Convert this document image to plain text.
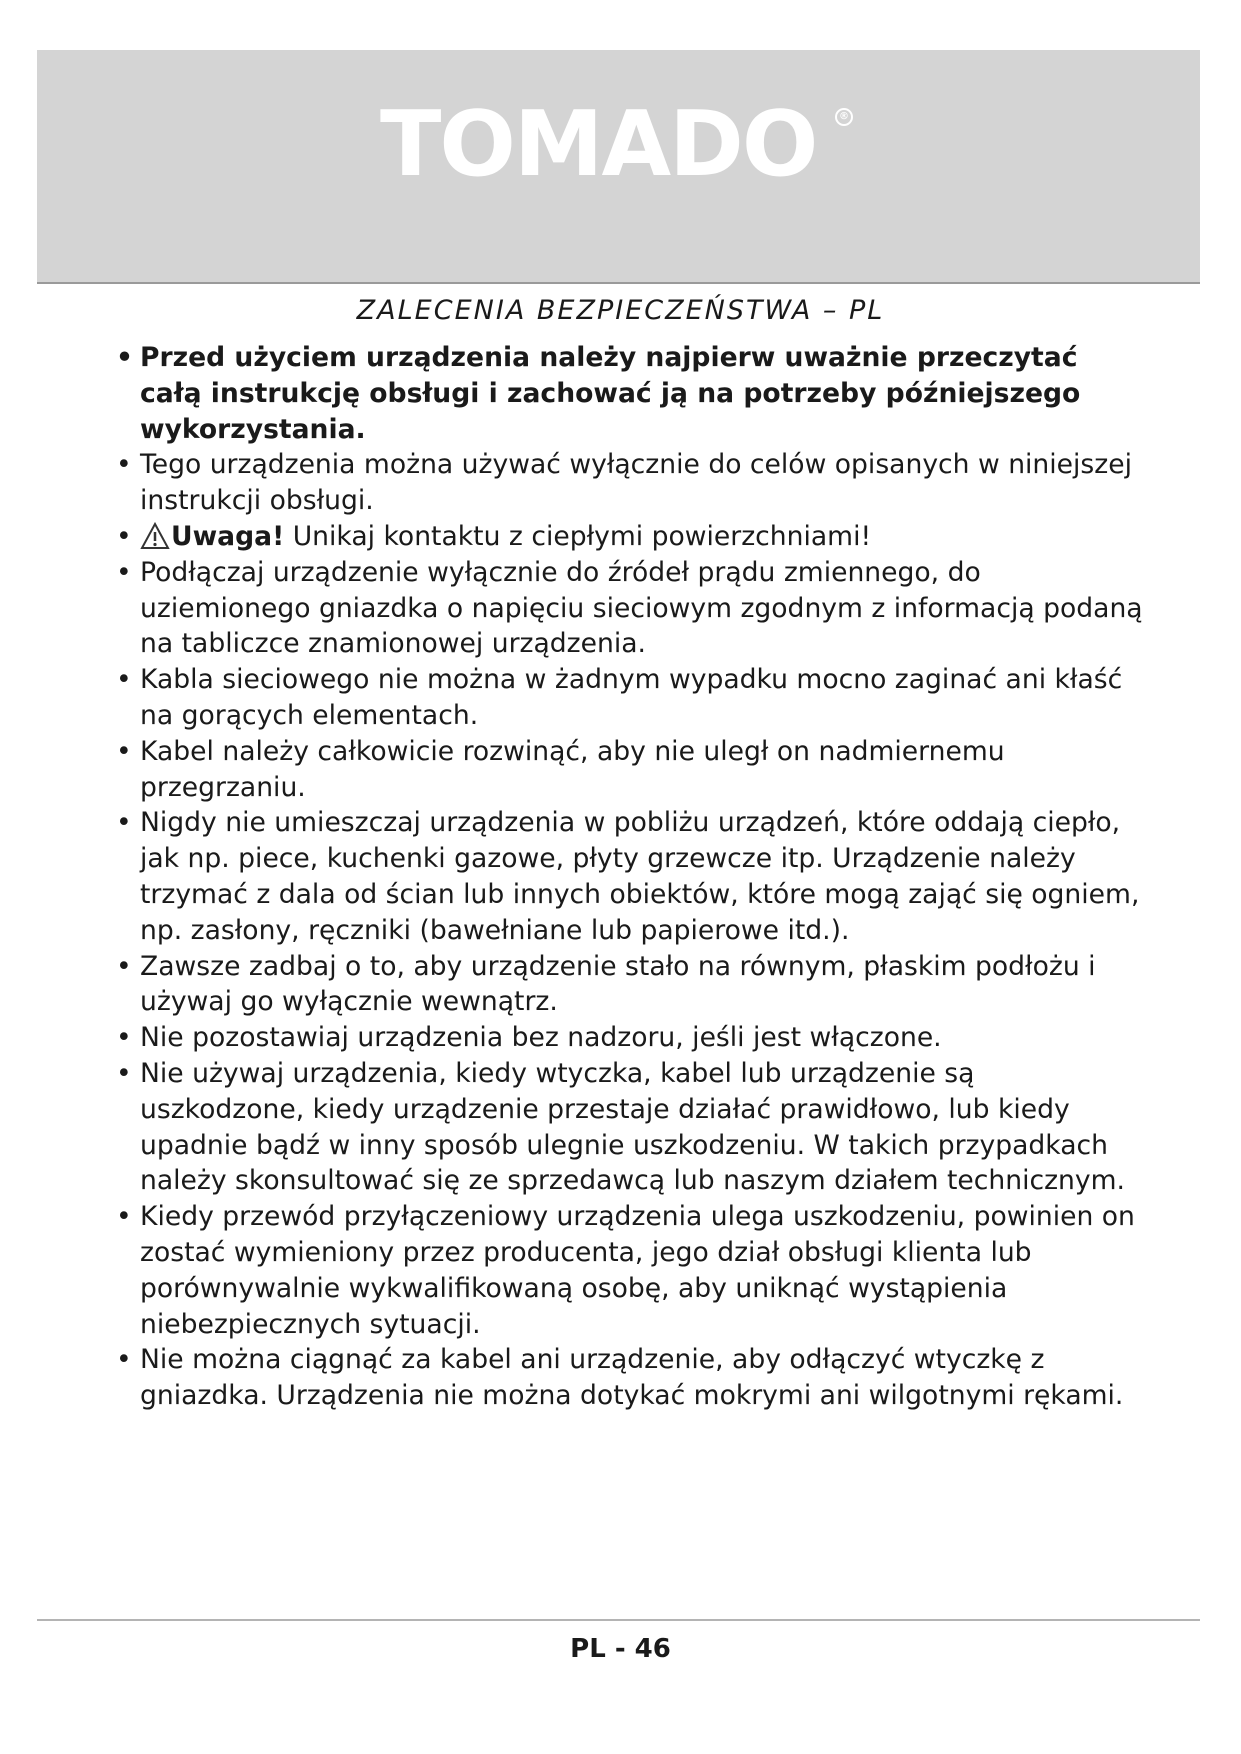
TOMADO	®
ZALECENIA BEZPIECZEŃSTWA – PL
• Przed użyciem urządzenia należy najpierw uważnie przeczytać całą instrukcję obsługi i zachować ją na potrzeby późniejszego wykorzystania.
• Tego urządzenia można używać wyłącznie do celów opisanych w niniejszej instrukcji obsługi.
• Uwaga! Unikaj kontaktu z ciepłymi powierzchniami!
• Podłączaj urządzenie wyłącznie do źródeł prądu zmiennego, do uziemionego gniazdka o napięciu sieciowym zgodnym z informacją podaną na tabliczce znamionowej urządzenia.
• Kabla sieciowego nie można w żadnym wypadku mocno zaginać ani kłaść na gorących elementach.
• Kabel należy całkowicie rozwinąć, aby nie uległ on nadmiernemu przegrzaniu.
• Nigdy nie umieszczaj urządzenia w pobliżu urządzeń, które oddają ciepło, jak np. piece, kuchenki gazowe, płyty grzewcze itp. Urządzenie należy trzymać z dala od ścian lub innych obiektów, które mogą zająć się ogniem, np. zasłony, ręczniki (bawełniane lub papierowe itd.).
• Zawsze zadbaj o to, aby urządzenie stało na równym, płaskim podłożu i używaj go wyłącznie wewnątrz.
• Nie pozostawiaj urządzenia bez nadzoru, jeśli jest włączone.
• Nie używaj urządzenia, kiedy wtyczka, kabel lub urządzenie są uszkodzone, kiedy urządzenie przestaje działać prawidłowo, lub kiedy upadnie bądź w inny sposób ulegnie uszkodzeniu. W takich przypadkach należy skonsultować się ze sprzedawcą lub naszym działem technicznym.
• Kiedy przewód przyłączeniowy urządzenia ulega uszkodzeniu, powinien on zostać wymieniony przez producenta, jego dział obsługi klienta lub porównywalnie wykwalifikowaną osobę, aby uniknąć wystąpienia niebezpiecznych sytuacji.
• Nie można ciągnąć za kabel ani urządzenie, aby odłączyć wtyczkę z gniazdka. Urządzenia nie można dotykać mokrymi ani wilgotnymi rękami.
PL - 46
